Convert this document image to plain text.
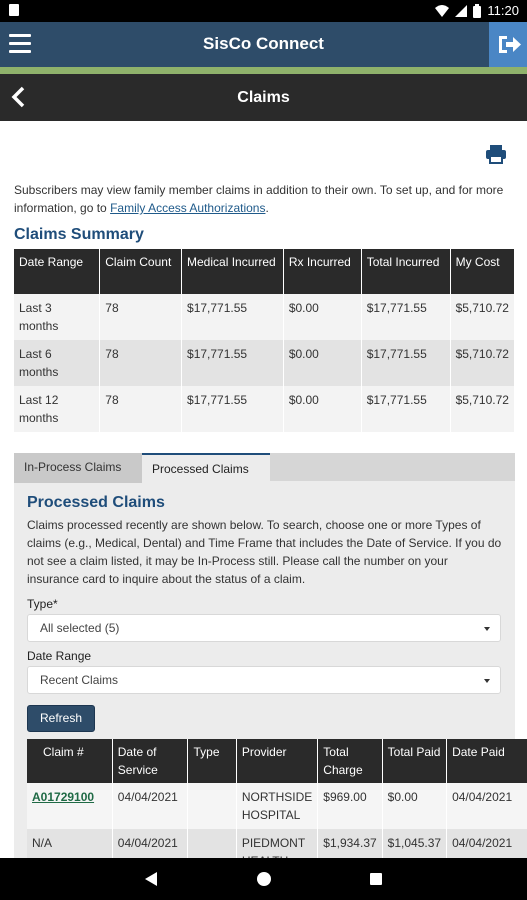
11:20
SisCo Connect
Claims
Subscribers may view family member claims in addition to their own. To set up, and for more information, go to Family Access Authorizations.
Claims Summary
Date Range	Claim Count	Medical Incurred	Rx Incurred	Total Incurred	My Cost
Last 3 months	78	$17,771.55	$0.00	$17,771.55	$5,710.72
Last 6 months	78	$17,771.55	$0.00	$17,771.55	$5,710.72
Last 12 months	78	$17,771.55	$0.00	$17,771.55	$5,710.72
In-Process Claims	Processed Claims
Processed Claims
Claims processed recently are shown below. To search, choose one or more Types of claims (e.g., Medical, Dental) and Time Frame that includes the Date of Service. If you do not see a claim listed, it may be In-Process still. Please call the number on your insurance card to inquire about the status of a claim.
Type*
All selected (5)
Date Range
Recent Claims
Refresh
Claim #	Date of Service	Type	Provider	Total Charge	Total Paid	Date Paid
A01729100	04/04/2021		NORTHSIDE HOSPITAL	$969.00	$0.00	04/04/2021
N/A	04/04/2021		PIEDMONT	$1,934.37	$1,045.37	04/04/2021
